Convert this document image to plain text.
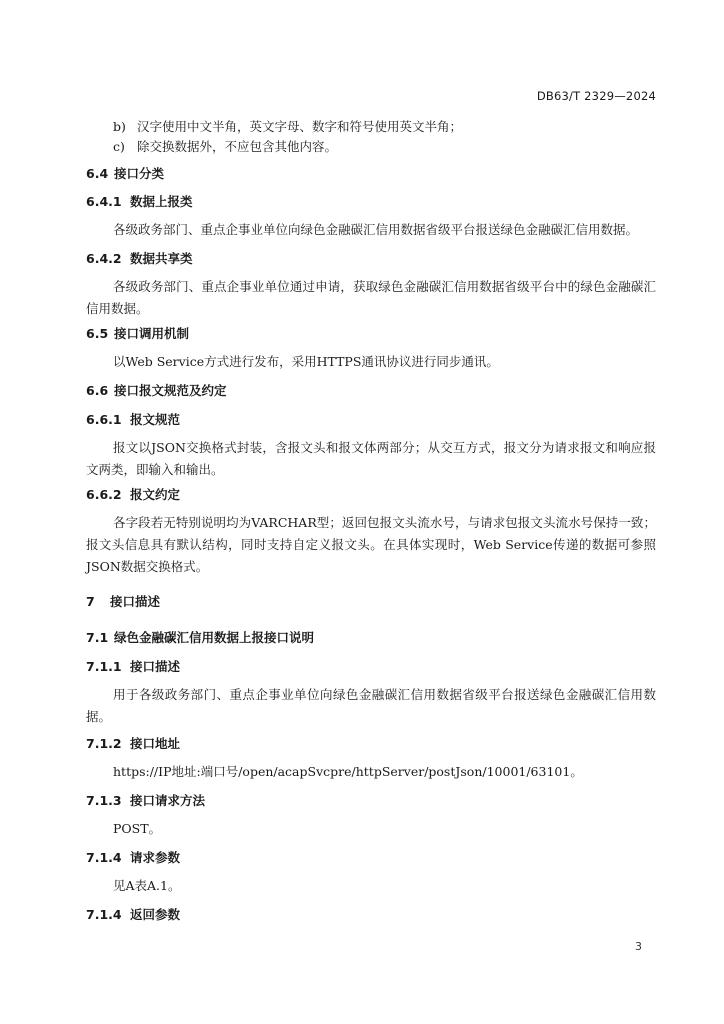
DB63/T 2329—2024
b) 汉字使用中文半角，英文字母、数字和符号使用英文半角；
c) 除交换数据外，不应包含其他内容。
6.4 接口分类
6.4.1 数据上报类
各级政务部门、重点企事业单位向绿色金融碳汇信用数据省级平台报送绿色金融碳汇信用数据。
6.4.2 数据共享类
各级政务部门、重点企事业单位通过申请，获取绿色金融碳汇信用数据省级平台中的绿色金融碳汇信用数据。
6.5 接口调用机制
以Web Service方式进行发布，采用HTTPS通讯协议进行同步通讯。
6.6 接口报文规范及约定
6.6.1 报文规范
报文以JSON交换格式封装，含报文头和报文体两部分；从交互方式，报文分为请求报文和响应报文两类，即输入和输出。
6.6.2 报文约定
各字段若无特别说明均为VARCHAR型；返回包报文头流水号，与请求包报文头流水号保持一致；报文头信息具有默认结构，同时支持自定义报文头。在具体实现时，Web Service传递的数据可参照JSON数据交换格式。
7 接口描述
7.1 绿色金融碳汇信用数据上报接口说明
7.1.1 接口描述
用于各级政务部门、重点企事业单位向绿色金融碳汇信用数据省级平台报送绿色金融碳汇信用数据。
7.1.2 接口地址
https://IP地址:端口号/open/acapSvcpre/httpServer/postJson/10001/63101。
7.1.3 接口请求方法
POST。
7.1.4 请求参数
见A表A.1。
7.1.4 返回参数
3
